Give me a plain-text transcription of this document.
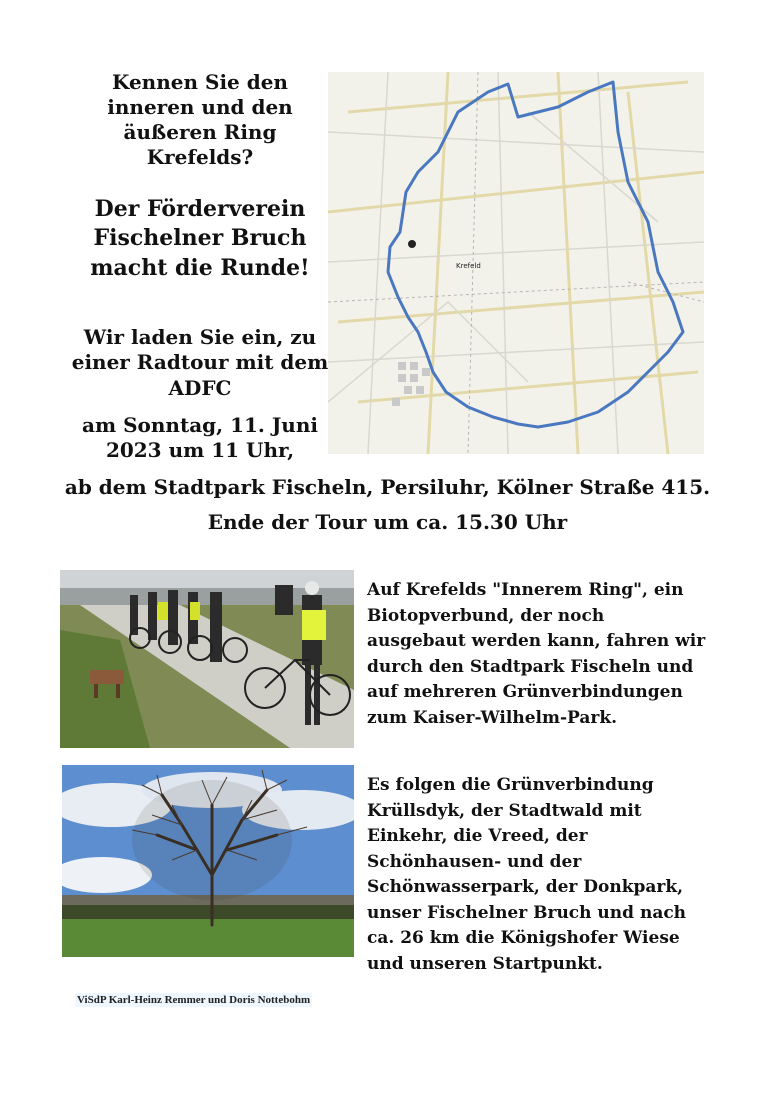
Kennen Sie den inneren und den äußeren Ring Krefelds?
Der Förderverein Fischelner Bruch macht die Runde!
Wir laden Sie ein, zu einer Radtour mit dem ADFC
am Sonntag, 11. Juni 2023 um 11 Uhr,
ab dem Stadtpark Fischeln, Persiluhr, Kölner Straße 415.
Ende der Tour um ca. 15.30 Uhr
Krefeld
Auf Krefelds "Innerem Ring", ein Biotopverbund, der noch ausgebaut werden kann, fahren wir durch den Stadtpark Fischeln und auf mehreren Grünverbindungen zum Kaiser-Wilhelm-Park.
Es folgen die Grünverbindung Krüllsdyk, der Stadtwald mit Einkehr, die Vreed, der Schönhausen- und der Schönwasserpark, der Donkpark, unser Fischelner Bruch und nach ca. 26 km die Königshofer Wiese und unseren Startpunkt.
ViSdP Karl-Heinz Remmer und Doris Nottebohm
